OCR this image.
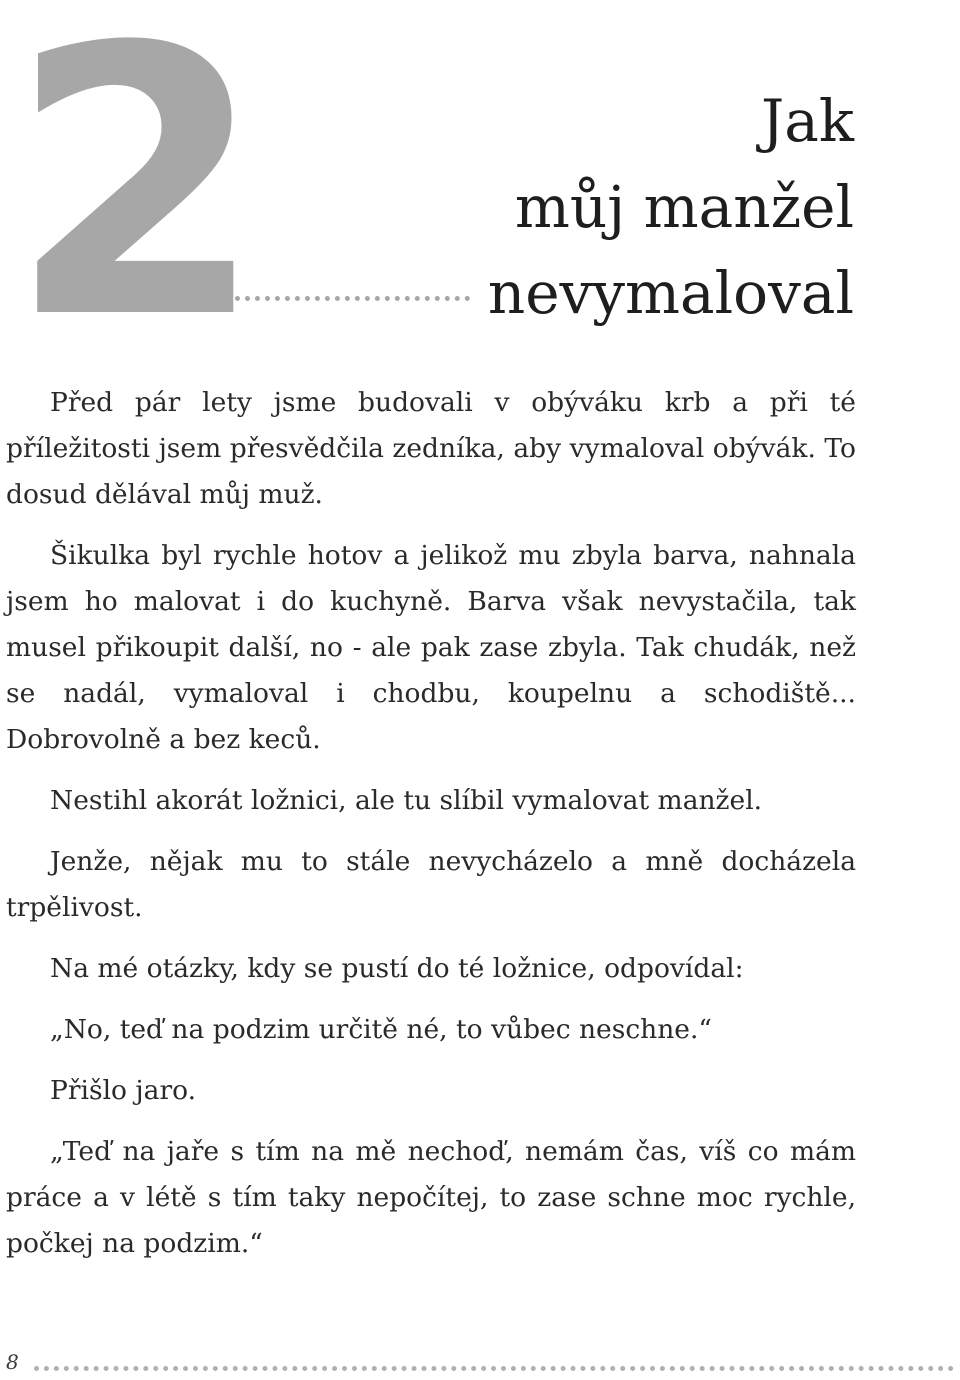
2	Jak
můj manžel
nevymaloval

Před pár lety jsme budovali v obýváku krb a při té příležitosti jsem přesvědčila zedníka, aby vymaloval obývák. To dosud dělával můj muž.

Šikulka byl rychle hotov a jelikož mu zbyla barva, nahnala jsem ho malovat i do kuchyně. Barva však nevystačila, tak musel přikoupit další, no - ale pak zase zbyla. Tak chudák, než se nadál, vymaloval i chodbu, koupelnu a schodiště... Dobrovolně a bez keců.

Nestihl akorát ložnici, ale tu slíbil vymalovat manžel.

Jenže, nějak mu to stále nevycházelo a mně docházela trpělivost.

Na mé otázky, kdy se pustí do té ložnice, odpovídal:

„No, teď na podzim určitě né, to vůbec neschne.“

Přišlo jaro.

„Teď na jaře s tím na mě nechoď, nemám čas, víš co mám práce a v létě s tím taky nepočítej, to zase schne moc rychle, počkej na podzim.“

8
